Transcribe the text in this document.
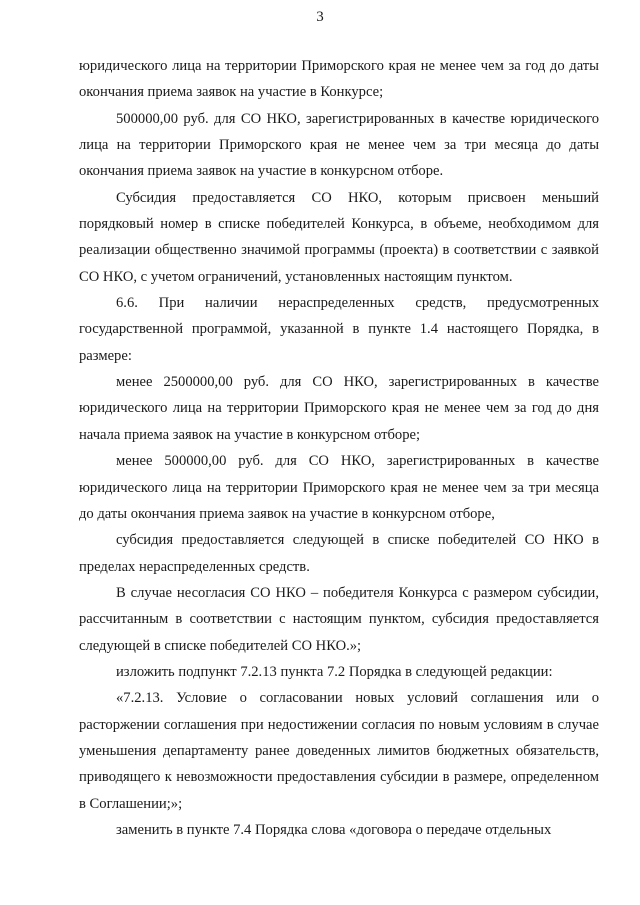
3

юридического лица на территории Приморского края не менее чем за год до даты окончания приема заявок на участие в Конкурсе;

500000,00 руб. для СО НКО, зарегистрированных в качестве юридического лица на территории Приморского края не менее чем за три месяца до даты окончания приема заявок на участие в конкурсном отборе.

Субсидия предоставляется СО НКО, которым присвоен меньший порядковый номер в списке победителей Конкурса, в объеме, необходимом для реализации общественно значимой программы (проекта) в соответствии с заявкой СО НКО, с учетом ограничений, установленных настоящим пунктом.

6.6. При наличии нераспределенных средств, предусмотренных государственной программой, указанной в пункте 1.4 настоящего Порядка, в размере:

менее 2500000,00 руб. для СО НКО, зарегистрированных в качестве юридического лица на территории Приморского края не менее чем за год до дня начала приема заявок на участие в конкурсном отборе;

менее 500000,00 руб. для СО НКО, зарегистрированных в качестве юридического лица на территории Приморского края не менее чем за три месяца до даты окончания приема заявок на участие в конкурсном отборе,

субсидия предоставляется следующей в списке победителей СО НКО в пределах нераспределенных средств.

В случае несогласия СО НКО – победителя Конкурса с размером субсидии, рассчитанным в соответствии с настоящим пунктом, субсидия предоставляется следующей в списке победителей СО НКО.»;

изложить подпункт 7.2.13 пункта 7.2 Порядка в следующей редакции:

«7.2.13. Условие о согласовании новых условий соглашения или о расторжении соглашения при недостижении согласия по новым условиям в случае уменьшения департаменту ранее доведенных лимитов бюджетных обязательств, приводящего к невозможности предоставления субсидии в размере, определенном в Соглашении;»;

заменить в пункте 7.4 Порядка слова «договора о передаче отдельных
